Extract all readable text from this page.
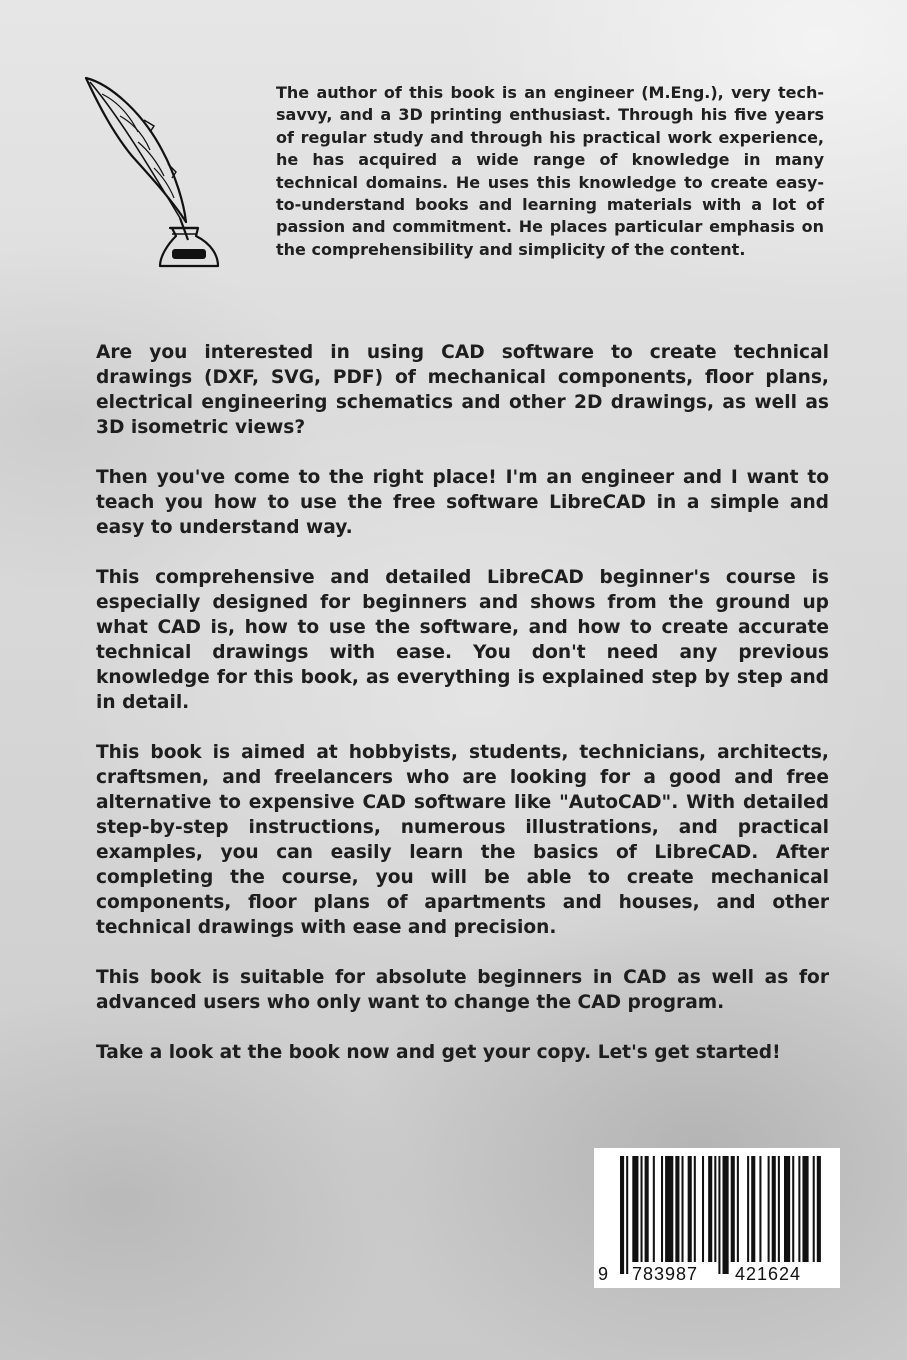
The author of this book is an engineer (M.Eng.), very tech-savvy, and a 3D printing enthusiast. Through his five years of regular study and through his practical work experience, he has acquired a wide range of knowledge in many technical domains. He uses this knowledge to create easy-to-understand books and learning materials with a lot of passion and commitment. He places particular emphasis on the comprehensibility and simplicity of the content.

Are you interested in using CAD software to create technical drawings (DXF, SVG, PDF) of mechanical components, floor plans, electrical engineering schematics and other 2D drawings, as well as 3D isometric views?

Then you've come to the right place! I'm an engineer and I want to teach you how to use the free software LibreCAD in a simple and easy to understand way.

This comprehensive and detailed LibreCAD beginner's course is especially designed for beginners and shows from the ground up what CAD is, how to use the software, and how to create accurate technical drawings with ease. You don't need any previous knowledge for this book, as everything is explained step by step and in detail.

This book is aimed at hobbyists, students, technicians, architects, craftsmen, and freelancers who are looking for a good and free alternative to expensive CAD software like "AutoCAD". With detailed step-by-step instructions, numerous illustrations, and practical examples, you can easily learn the basics of LibreCAD. After completing the course, you will be able to create mechanical components, floor plans of apartments and houses, and other technical drawings with ease and precision.

This book is suitable for absolute beginners in CAD as well as for advanced users who only want to change the CAD program.

Take a look at the book now and get your copy. Let's get started!

9 783987 421624
